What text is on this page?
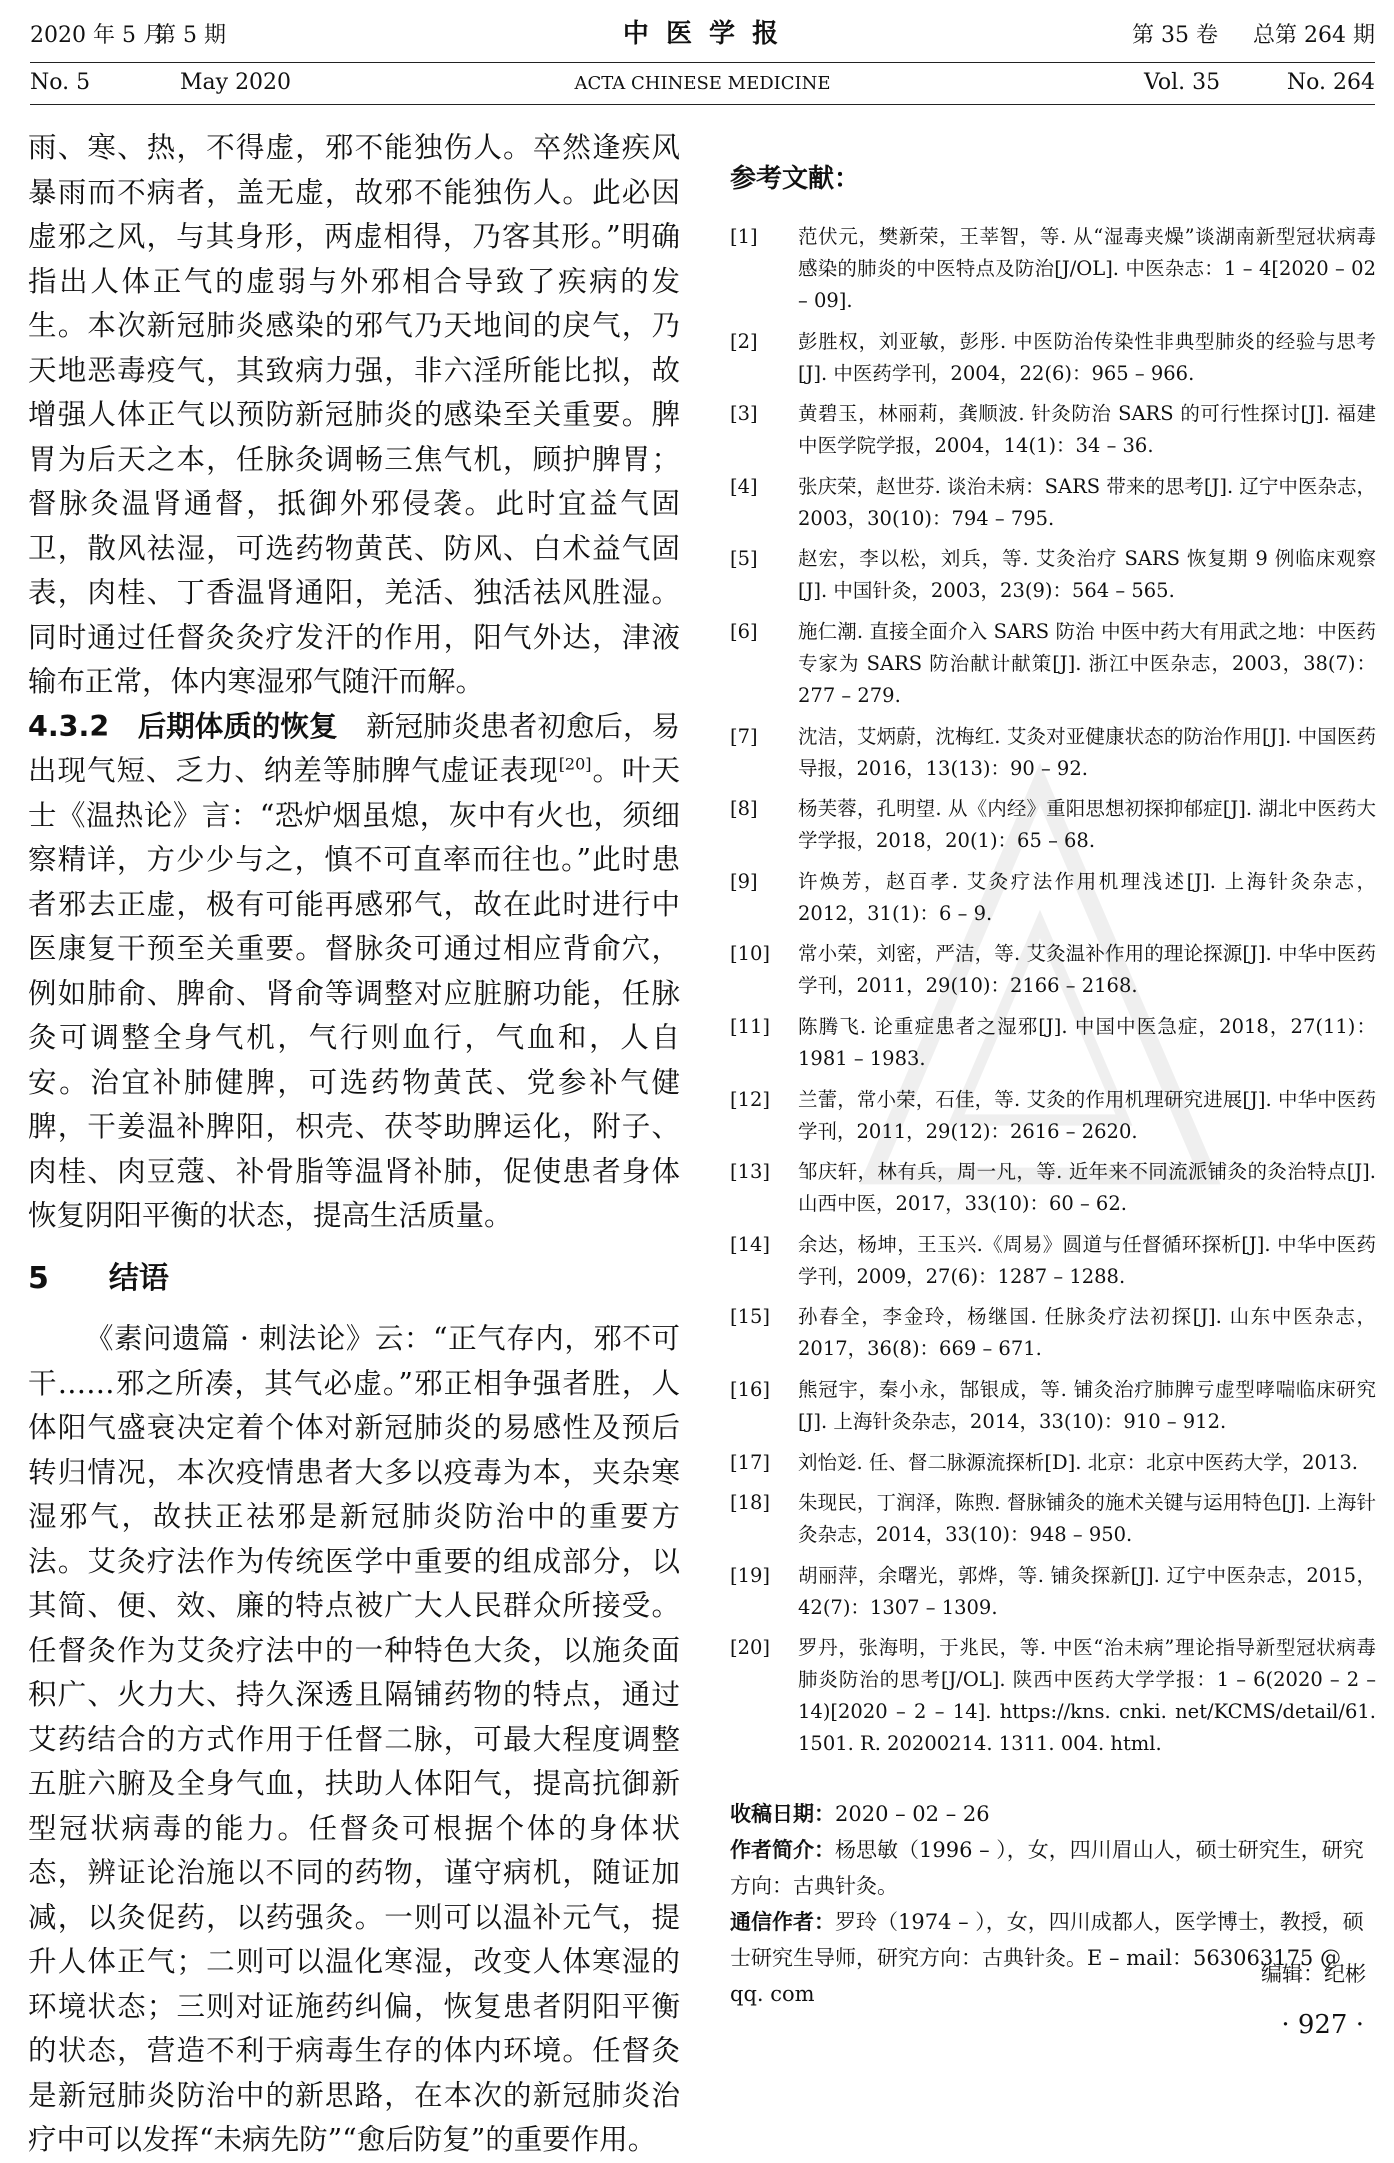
2020 年 5 月
第 5 期	中 医 学 报	第 35 卷 总第 264 期
No. 5	May 2020	ACTA CHINESE MEDICINE	Vol. 35	No. 264

雨、寒、热，不得虚，邪不能独伤人。卒然逢疾风暴雨而不病者，盖无虚，故邪不能独伤人。此必因虚邪之风，与其身形，两虚相得，乃客其形。”明确指出人体正气的虚弱与外邪相合导致了疾病的发生。本次新冠肺炎感染的邪气乃天地间的戾气，乃天地恶毒疫气，其致病力强，非六淫所能比拟，故增强人体正气以预防新冠肺炎的感染至关重要。脾胃为后天之本，任脉灸调畅三焦气机，顾护脾胃；督脉灸温肾通督，抵御外邪侵袭。此时宜益气固卫，散风祛湿，可选药物黄芪、防风、白术益气固表，肉桂、丁香温肾通阳，羌活、独活祛风胜湿。同时通过任督灸灸疗发汗的作用，阳气外达，津液输布正常，体内寒湿邪气随汗而解。

4.3.2　后期体质的恢复　新冠肺炎患者初愈后，易出现气短、乏力、纳差等肺脾气虚证表现[20]。叶天士《温热论》言：“恐炉烟虽熄，灰中有火也，须细察精详，方少少与之，慎不可直率而往也。”此时患者邪去正虚，极有可能再感邪气，故在此时进行中医康复干预至关重要。督脉灸可通过相应背俞穴，例如肺俞、脾俞、肾俞等调整对应脏腑功能，任脉灸可调整全身气机，气行则血行，气血和，人自安。治宜补肺健脾，可选药物黄芪、党参补气健脾，干姜温补脾阳，枳壳、茯苓助脾运化，附子、肉桂、肉豆蔻、补骨脂等温肾补肺，促使患者身体恢复阴阳平衡的状态，提高生活质量。

5　　结语

《素问遗篇 · 刺法论》云：“正气存内，邪不可干……邪之所凑，其气必虚。”邪正相争强者胜，人体阳气盛衰决定着个体对新冠肺炎的易感性及预后转归情况，本次疫情患者大多以疫毒为本，夹杂寒湿邪气，故扶正祛邪是新冠肺炎防治中的重要方法。艾灸疗法作为传统医学中重要的组成部分，以其简、便、效、廉的特点被广大人民群众所接受。任督灸作为艾灸疗法中的一种特色大灸，以施灸面积广、火力大、持久深透且隔铺药物的特点，通过艾药结合的方式作用于任督二脉，可最大程度调整五脏六腑及全身气血，扶助人体阳气，提高抗御新型冠状病毒的能力。任督灸可根据个体的身体状态，辨证论治施以不同的药物，谨守病机，随证加减，以灸促药，以药强灸。一则可以温补元气，提升人体正气；二则可以温化寒湿，改变人体寒湿的环境状态；三则对证施药纠偏，恢复患者阴阳平衡的状态，营造不利于病毒生存的体内环境。任督灸是新冠肺炎防治中的新思路，在本次的新冠肺炎治疗中可以发挥“未病先防”“愈后防复”的重要作用。

参考文献：
[1]	范伏元，樊新荣，王莘智，等. 从“湿毒夹燥”谈湖南新型冠状病毒感染的肺炎的中医特点及防治[J/OL]. 中医杂志：1 – 4[2020 – 02 – 09].
[2]	彭胜权，刘亚敏，彭彤. 中医防治传染性非典型肺炎的经验与思考[J]. 中医药学刊，2004，22(6)：965 – 966.
[3]	黄碧玉，林丽莉，龚顺波. 针灸防治 SARS 的可行性探讨[J]. 福建中医学院学报，2004，14(1)：34 – 36.
[4]	张庆荣，赵世芬. 谈治未病：SARS 带来的思考[J]. 辽宁中医杂志，2003，30(10)：794 – 795.
[5]	赵宏，李以松，刘兵，等. 艾灸治疗 SARS 恢复期 9 例临床观察[J]. 中国针灸，2003，23(9)：564 – 565.
[6]	施仁潮. 直接全面介入 SARS 防治 中医中药大有用武之地：中医药专家为 SARS 防治献计献策[J]. 浙江中医杂志，2003，38(7)：277 – 279.
[7]	沈洁，艾炳蔚，沈梅红. 艾灸对亚健康状态的防治作用[J]. 中国医药导报，2016，13(13)：90 – 92.
[8]	杨芙蓉，孔明望. 从《内经》重阳思想初探抑郁症[J]. 湖北中医药大学学报，2018，20(1)：65 – 68.
[9]	许焕芳，赵百孝. 艾灸疗法作用机理浅述[J]. 上海针灸杂志，2012，31(1)：6 – 9.
[10]	常小荣，刘密，严洁，等. 艾灸温补作用的理论探源[J]. 中华中医药学刊，2011，29(10)：2166 – 2168.
[11]	陈腾飞. 论重症患者之湿邪[J]. 中国中医急症，2018，27(11)：1981 – 1983.
[12]	兰蕾，常小荣，石佳，等. 艾灸的作用机理研究进展[J]. 中华中医药学刊，2011，29(12)：2616 – 2620.
[13]	邹庆轩，林有兵，周一凡，等. 近年来不同流派铺灸的灸治特点[J]. 山西中医，2017，33(10)：60 – 62.
[14]	余达，杨坤，王玉兴.《周易》圆道与任督循环探析[J]. 中华中医药学刊，2009，27(6)：1287 – 1288.
[15]	孙春全，李金玲，杨继国. 任脉灸疗法初探[J]. 山东中医杂志，2017，36(8)：669 – 671.
[16]	熊冠宇，秦小永，郜银成，等. 铺灸治疗肺脾亏虚型哮喘临床研究[J]. 上海针灸杂志，2014，33(10)：910 – 912.
[17]	刘怡彣. 任、督二脉源流探析[D]. 北京：北京中医药大学，2013.
[18]	朱现民，丁润泽，陈煦. 督脉铺灸的施术关键与运用特色[J]. 上海针灸杂志，2014，33(10)：948 – 950.
[19]	胡丽萍，余曙光，郭烨，等. 铺灸探新[J]. 辽宁中医杂志，2015，42(7)：1307 – 1309.
[20]	罗丹，张海明，于兆民，等. 中医“治未病”理论指导新型冠状病毒肺炎防治的思考[J/OL]. 陕西中医药大学学报：1 – 6(2020 – 2 – 14)[2020 – 2 – 14]. https://kns. cnki. net/KCMS/detail/61. 1501. R. 20200214. 1311. 004. html.
收稿日期：2020 – 02 – 26
作者简介：杨思敏（1996 – ），女，四川眉山人，硕士研究生，研究方向：古典针灸。
通信作者：罗玲（1974 – ），女，四川成都人，医学博士，教授，硕士研究生导师，研究方向：古典针灸。E – mail：563063175 @ qq. com
编辑：纪彬
· 927 ·
